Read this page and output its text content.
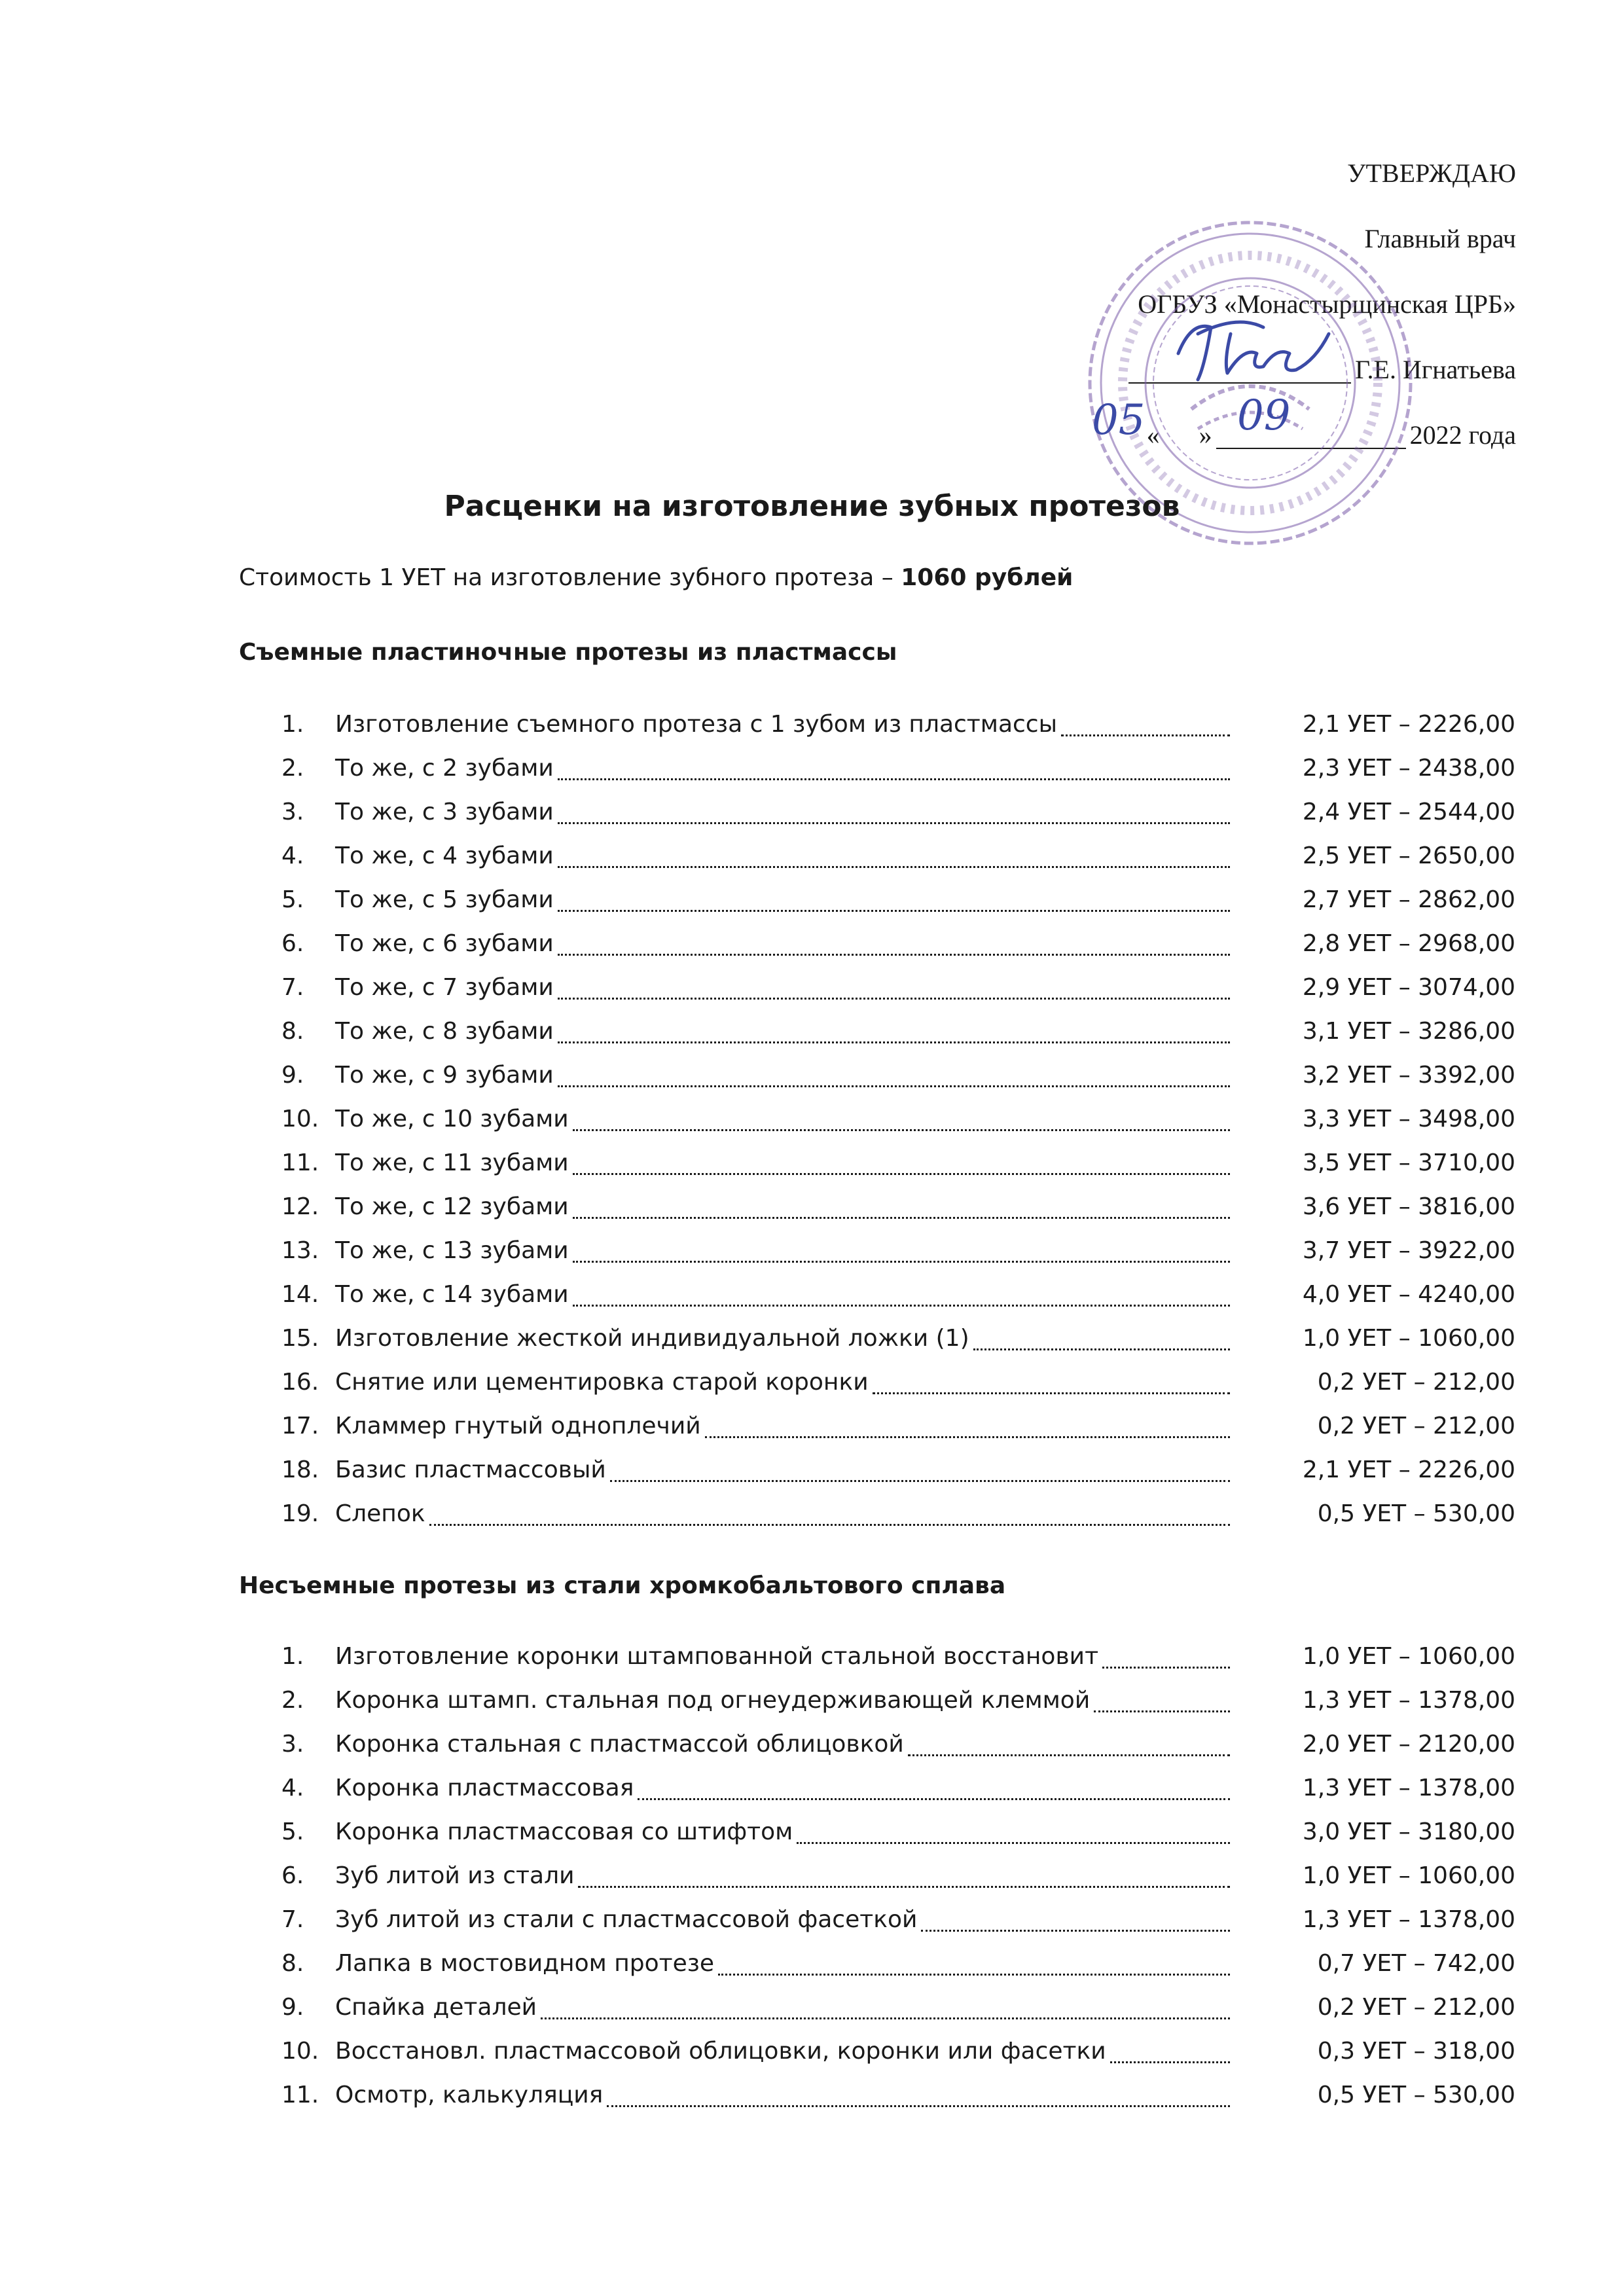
УТВЕРЖДАЮ
Главный врач
ОГБУЗ «Монастырщинская ЦРБ»
Г.Е. Игнатьева
« »	2022 года
05 09
Расценки на изготовление зубных протезов
Стоимость 1 УЕТ на изготовление зубного протеза – 1060 рублей
Съемные пластиночные протезы из пластмассы
1.	Изготовление съемного протеза с 1 зубом из пластмассы	2,1 УЕТ – 2226,00
2.	То же, с 2 зубами	2,3 УЕТ – 2438,00
3.	То же, с 3 зубами	2,4 УЕТ – 2544,00
4.	То же, с 4 зубами	2,5 УЕТ – 2650,00
5.	То же, с 5 зубами	2,7 УЕТ – 2862,00
6.	То же, с 6 зубами	2,8 УЕТ – 2968,00
7.	То же, с 7 зубами	2,9 УЕТ – 3074,00
8.	То же, с 8 зубами	3,1 УЕТ – 3286,00
9.	То же, с 9 зубами	3,2 УЕТ – 3392,00
10. То же, с 10 зубами	3,3 УЕТ – 3498,00
11. То же, с 11 зубами	3,5 УЕТ – 3710,00
12. То же, с 12 зубами	3,6 УЕТ – 3816,00
13. То же, с 13 зубами	3,7 УЕТ – 3922,00
14. То же, с 14 зубами	4,0 УЕТ – 4240,00
15. Изготовление жесткой индивидуальной ложки (1)	1,0 УЕТ – 1060,00
16. Снятие или цементировка старой коронки	0,2 УЕТ – 212,00
17. Кламмер гнутый одноплечий	0,2 УЕТ – 212,00
18. Базис пластмассовый	2,1 УЕТ – 2226,00
19. Слепок	0,5 УЕТ – 530,00
Несъемные протезы из стали хромкобальтового сплава
1.	Изготовление коронки штампованной стальной восстановит	1,0 УЕТ – 1060,00
2.	Коронка штамп. стальная под огнеудерживающей клеммой	1,3 УЕТ – 1378,00
3.	Коронка стальная с пластмассой облицовкой	2,0 УЕТ – 2120,00
4.	Коронка пластмассовая	1,3 УЕТ – 1378,00
5.	Коронка пластмассовая со штифтом	3,0 УЕТ – 3180,00
6.	Зуб литой из стали	1,0 УЕТ – 1060,00
7.	Зуб литой из стали с пластмассовой фасеткой	1,3 УЕТ – 1378,00
8.	Лапка в мостовидном протезе	0,7 УЕТ – 742,00
9.	Спайка деталей	0,2 УЕТ – 212,00
10. Восстановл. пластмассовой облицовки, коронки или фасетки	0,3 УЕТ – 318,00
11. Осмотр, калькуляция	0,5 УЕТ – 530,00
